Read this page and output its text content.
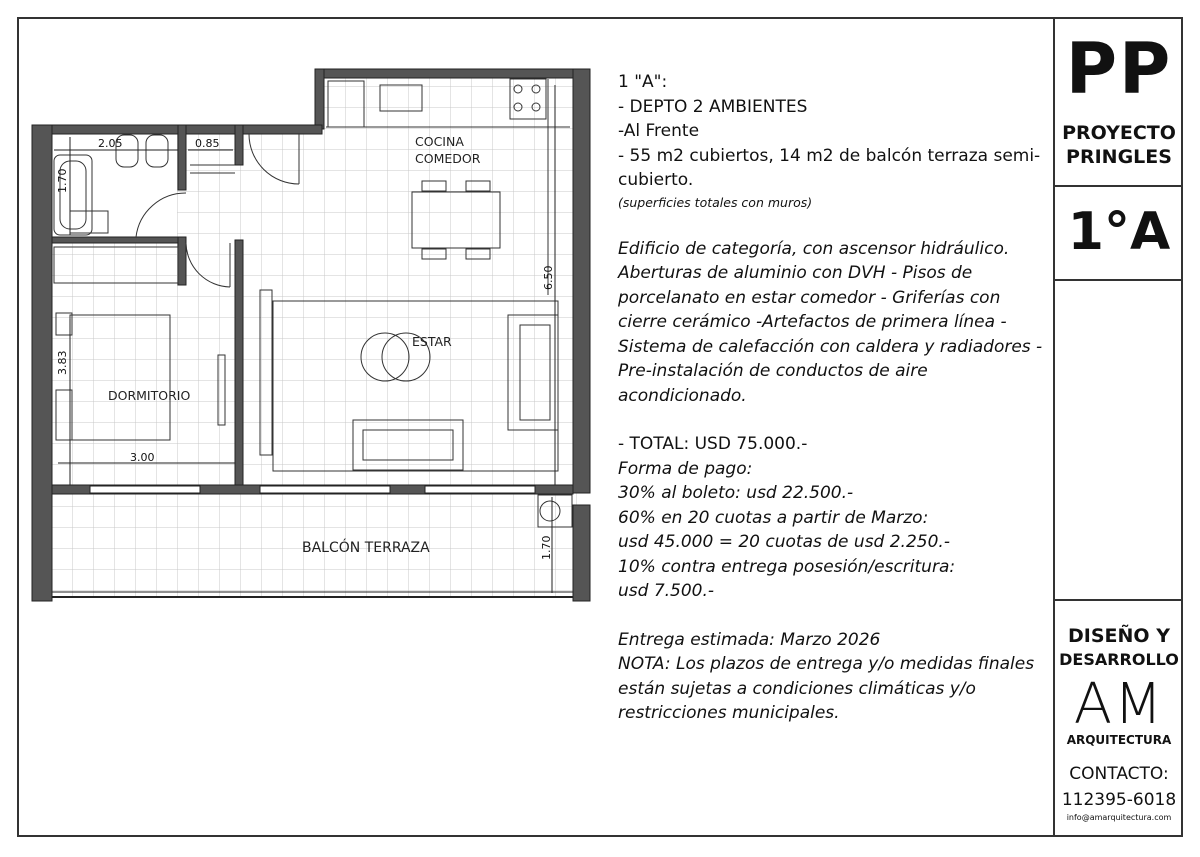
2.05	0.85
1.70
3.83
3.00
6.50
1.70
COCINA
COMEDOR
ESTAR
DORMITORIO
BALCÓN TERRAZA

1 "A":

- DEPTO 2 AMBIENTES

-Al Frente

- 55 m2 cubiertos, 14 m2 de balcón terraza semi-cubierto.

(superficies totales con muros)

Edificio de categoría, con ascensor hidráulico. Aberturas de aluminio con DVH - Pisos de porcelanato en estar comedor - Griferías con cierre cerámico -Artefactos de primera línea - Sistema de calefacción con caldera y radiadores - Pre-instalación de conductos de aire acondicionado.

- TOTAL: USD 75.000.-

Forma de pago:

30% al boleto: usd 22.500.-

60% en 20 cuotas a partir de Marzo:

usd 45.000 = 20 cuotas de usd 2.250.-

10% contra entrega posesión/escritura:

usd 7.500.-

Entrega estimada: Marzo 2026

NOTA: Los plazos de entrega y/o medidas finales están sujetas a condiciones climáticas y/o restricciones municipales.

PP
PROYECTO
PRINGLES
1°A
DISEÑO Y
DESARROLLO
AM
ARQUITECTURA
CONTACTO:
112395-6018
info@amarquitectura.com
